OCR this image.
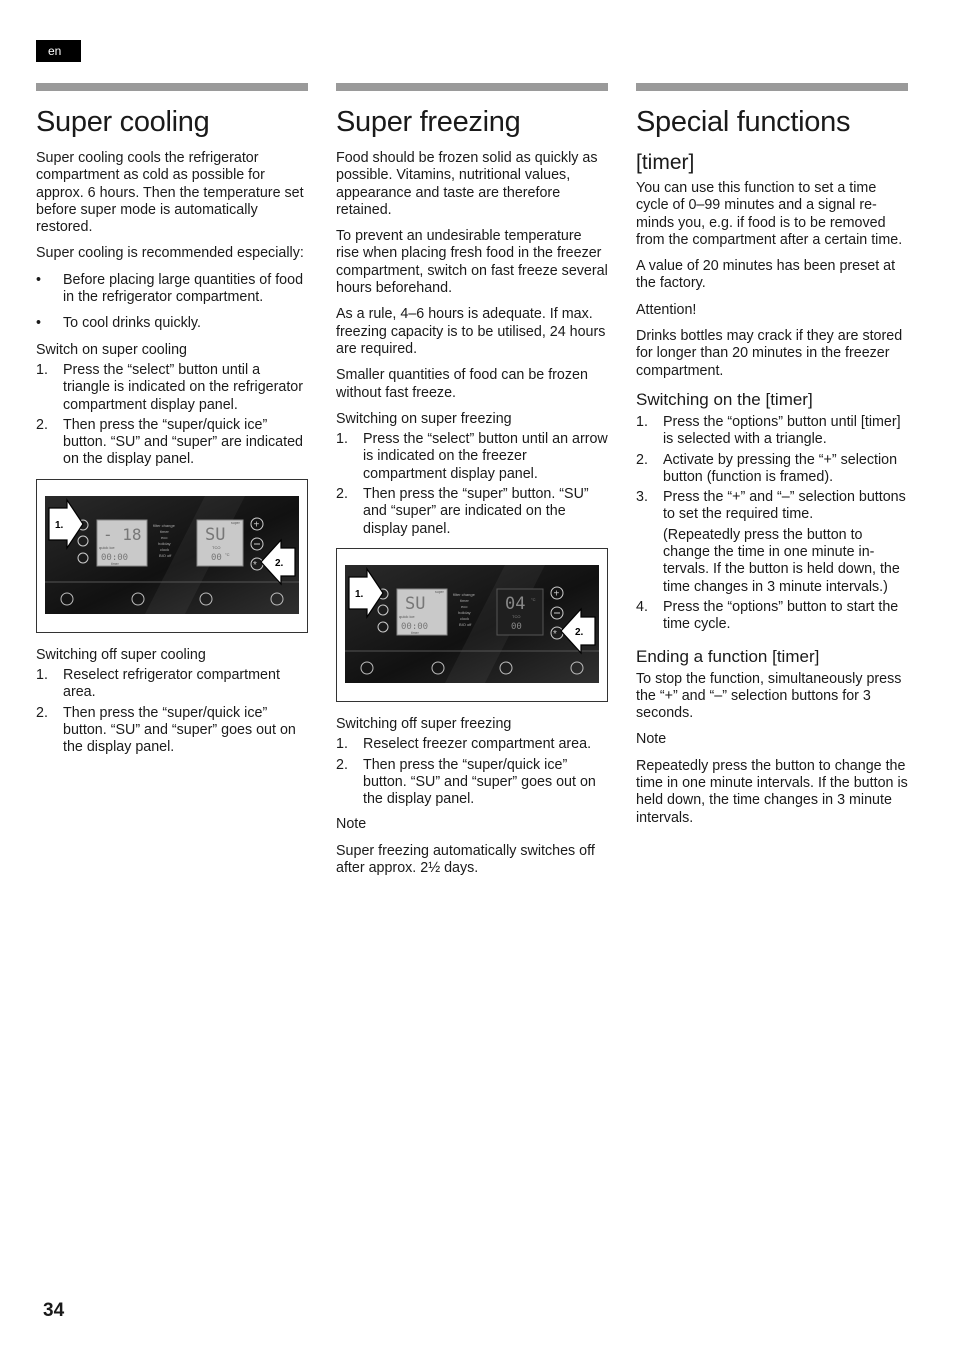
en
Super cooling

Super cooling cools the refrigerator compartment as cold as possible for approx. 6 hours. Then the temperature set before super mode is automatically restored.

Super cooling is recommended especially:

•	Before placing large quantities of food in the refrigerator compartment.
•	To cool drinks quickly.
Switch on super cooling
1.	Press the “select” button until a triangle is indicated on the refrigerator compartment display panel.
2.	Then press the “super/quick ice” button. “SU” and “super” are indicated on the display panel.
- 18
quick ice
00:00
timer
filter change
timer
eco
holiday
clock
BIO off
SU
super
TCO
00 °C
+
*
1.
2.
Switching off super cooling
1.	Reselect refrigerator compartment area.
2.	Then press the “super/quick ice” button. “SU” and “super” goes out on the display panel.
Super freezing

Food should be frozen solid as quickly as possible. Vitamins, nutritional values, appearance and taste are therefore retained.

To prevent an undesirable temperature rise when placing fresh food in the freezer compartment, switch on fast freeze several hours beforehand.

As a rule, 4–6 hours is adequate. If max. freezing capacity is to be utilised, 24 hours are required.

Smaller quantities of food can be frozen without fast freeze.

Switching on super freezing
1.	Press the “select” button until an arrow is indicated on the freezer compartment display panel.
2.	Then press the “super” button. “SU” and “super” are indicated on the display panel.
SU
super
quick ice
00:00
timer
filter change
timer
eco
holiday
clock
BIO off
04 °C
TCO
00
+
*
1.
2.
Switching off super freezing
1.	Reselect freezer compartment area.
2.	Then press the “super/quick ice” button. “SU” and “super” goes out on the display panel.

Note

Super freezing automatically switches off after approx. 2½ days.

Special functions
[timer]

You can use this function to set a time cycle of 0–99 minutes and a signal reminds you, e.g. if food is to be removed from the compartment after a certain time.

A value of 20 minutes has been preset at the factory.

Attention!

Drinks bottles may crack if they are stored for longer than 20 minutes in the freezer compartment.

Switching on the [timer]
1.	Press the “options” button until [timer] is selected with a triangle.
2.	Activate by pressing the “+” selection button (function is framed).
3.	Press the “+” and “–” selection buttons to set the required time.
(Repeatedly press the button to change the time in one minute intervals. If the button is held down, the time changes in 3 minute intervals.)
4.	Press the “options” button to start the time cycle.
Ending a function [timer]

To stop the function, simultaneously press the “+” and “–” selection buttons for 3 seconds.

Note

Repeatedly press the button to change the time in one minute intervals. If the button is held down, the time changes in 3 minute intervals.

34
